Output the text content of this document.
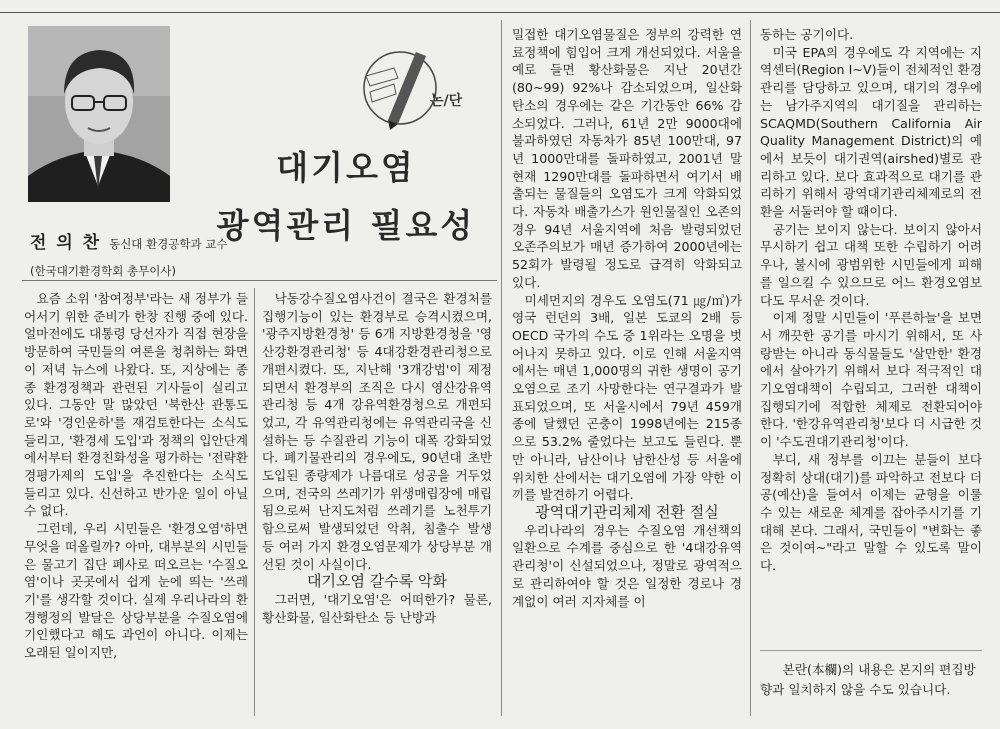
전 의 찬 동신대 환경공학과 교수
(한국대기환경학회 총무이사)
논/단
대기오염
광역관리 필요성

요즘 소위 '참여정부'라는 새 정부가 들어서기 위한 준비가 한창 진행 중에 있다. 얼마전에도 대통령 당선자가 직접 현장을 방문하여 국민들의 여론을 청취하는 화면이 저녁 뉴스에 나왔다. 또, 지상에는 종종 환경정책과 관련된 기사들이 실리고 있다. 그동안 말 많았던 '북한산 관통도로'와 '경인운하'를 재검토한다는 소식도 들리고, '환경세 도입'과 정책의 입안단계에서부터 환경친화성을 평가하는 '전략환경평가제의 도입'을 추진한다는 소식도 들리고 있다. 신선하고 반가운 일이 아닐 수 없다.

그런데, 우리 시민들은 '환경오염'하면 무엇을 떠올릴까? 아마, 대부분의 시민들은 물고기 집단 폐사로 떠오르는 '수질오염'이나 곳곳에서 쉽게 눈에 띄는 '쓰레기'를 생각할 것이다. 실제 우리나라의 환경행정의 발달은 상당부분을 수질오염에 기인했다고 해도 과언이 아니다. 이제는 오래된 일이지만,

낙동강수질오염사건이 결국은 환경처를 집행기능이 있는 환경부로 승격시켰으며, '광주지방환경청' 등 6개 지방환경청을 '영산강환경관리청' 등 4대강환경관리청으로 개편시켰다. 또, 지난해 '3개강법'이 제정되면서 환경부의 조직은 다시 영산강유역관리청 등 4개 강유역환경청으로 개편되었고, 각 유역관리청에는 유역관리국을 신설하는 등 수질관리 기능이 대폭 강화되었다. 폐기물관리의 경우에도, 90년대 초반 도입된 종량제가 나름대로 성공을 거두었으며, 전국의 쓰레기가 위생매립장에 매립됨으로써 난지도처럼 쓰레기를 노천투기 함으로써 발생되었던 악취, 침출수 발생 등 여러 가지 환경오염문제가 상당부분 개선된 것이 사실이다.

대기오염 갈수록 악화

그러면, '대기오염'은 어떠한가? 물론, 황산화물, 일산화탄소 등 난방과

밀접한 대기오염물질은 정부의 강력한 연료정책에 힘입어 크게 개선되었다. 서울을 예로 들면 황산화물은 지난 20년간(80~99) 92%나 감소되었으며, 일산화탄소의 경우에는 같은 기간동안 66% 감소되었다. 그러나, 61년 2만 9000대에 불과하였던 자동차가 85년 100만대, 97년 1000만대를 돌파하였고, 2001년 말 현재 1290만대를 돌파하면서 여기서 배출되는 물질들의 오염도가 크게 악화되었다. 자동차 배출가스가 원인물질인 오존의 경우 94년 서울지역에 처음 발령되었던 오존주의보가 매년 증가하여 2000년에는 52회가 발령될 정도로 급격히 악화되고 있다.

미세먼지의 경우도 오염도(71 ㎍/㎥)가 영국 런던의 3배, 일본 도쿄의 2배 등 OECD 국가의 수도 중 1위라는 오명을 벗어나지 못하고 있다. 이로 인해 서울지역에서는 매년 1,000명의 귀한 생명이 공기오염으로 조기 사망한다는 연구결과가 발표되었으며, 또 서울시에서 79년 459개종에 달했던 곤충이 1998년에는 215종으로 53.2% 줄었다는 보고도 들린다. 뿐만 아니라, 남산이나 남한산성 등 서울에 위치한 산에서는 대기오염에 가장 약한 이끼를 발견하기 어렵다.

광역대기관리체제 전환 절실

우리나라의 경우는 수질오염 개선책의 일환으로 수계를 중심으로 한 '4대강유역관리청'이 신설되었으나, 정말로 광역적으로 관리하여야 할 것은 일정한 경로나 경계없이 여러 지자체를 이

동하는 공기이다.

미국 EPA의 경우에도 각 지역에는 지역센터(Region Ⅰ~Ⅴ)들이 전체적인 환경관리를 담당하고 있으며, 대기의 경우에는 남가주지역의 대기질을 관리하는 SCAQMD(Southern California Air Quality Management District)의 예에서 보듯이 대기권역(airshed)별로 관리하고 있다. 보다 효과적으로 대기를 관리하기 위해서 광역대기관리체제로의 전환을 서둘러야 할 때이다.

공기는 보이지 않는다. 보이지 않아서 무시하기 쉽고 대책 또한 수립하기 어려우나, 불시에 광범위한 시민들에게 피해를 일으킬 수 있으므로 어느 환경오염보다도 무서운 것이다.

이제 정말 시민들이 '푸른하늘'을 보면서 깨끗한 공기를 마시기 위해서, 또 사랑받는 아니라 동식물들도 '살만한' 환경에서 살아가기 위해서 보다 적극적인 대기오염대책이 수립되고, 그러한 대책이 집행되기에 적합한 체제로 전환되어야 한다. '한강유역관리청'보다 더 시급한 것이 '수도권대기관리청'이다.

부디, 새 정부를 이끄는 분들이 보다 정확히 상대(대기)를 파악하고 전보다 더 공(예산)을 들여서 이제는 균형을 이룰 수 있는 새로운 체계를 잡아주시기를 기대해 본다. 그래서, 국민들이 "변화는 좋은 것이여~"라고 말할 수 있도록 말이다.

본란(本欄)의 내용은 본지의 편집방향과 일치하지 않을 수도 있습니다.
